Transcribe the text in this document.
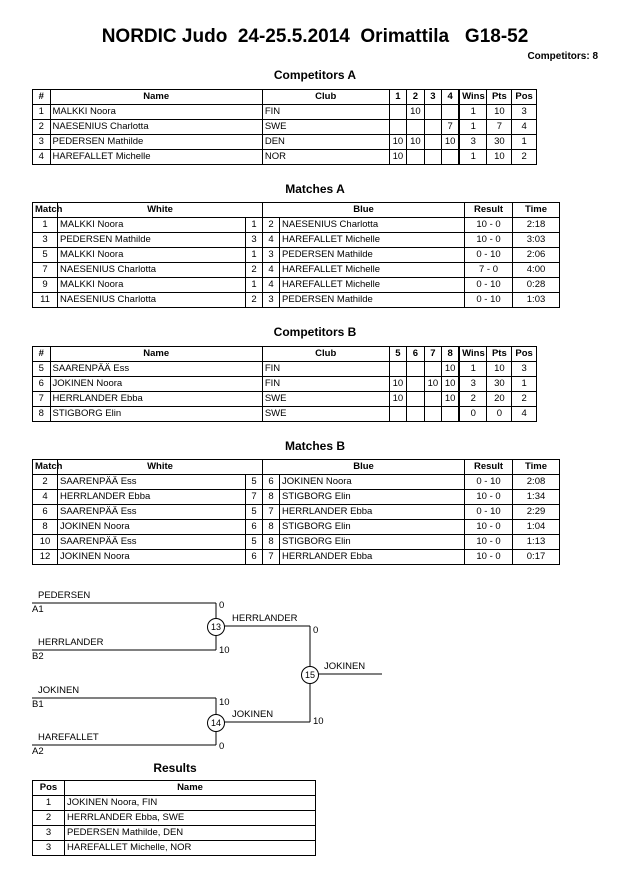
NORDIC Judo  24-25.5.2014  Orimattila   G18-52
Competitors: 8
Competitors A
#	Name	Club	1	2	3	4	Wins	Pts	Pos
1	MALKKI Noora	FIN		10			1	10	3
2	NAESENIUS Charlotta	SWE				7	1	7	4
3	PEDERSEN Mathilde	DEN	10	10		10	3	30	1
4	HAREFALLET Michelle	NOR	10				1	10	2
Matches A
Match	White		Blue		Result	Time
1	MALKKI Noora	1	2	NAESENIUS Charlotta	10 - 0	2:18
3	PEDERSEN Mathilde	3	4	HAREFALLET Michelle	10 - 0	3:03
5	MALKKI Noora	1	3	PEDERSEN Mathilde	0 - 10	2:06
7	NAESENIUS Charlotta	2	4	HAREFALLET Michelle	7 - 0	4:00
9	MALKKI Noora	1	4	HAREFALLET Michelle	0 - 10	0:28
11	NAESENIUS Charlotta	2	3	PEDERSEN Mathilde	0 - 10	1:03
Competitors B
#	Name	Club	5	6	7	8	Wins	Pts	Pos
5	SAARENPÄÄ Ess	FIN				10	1	10	3
6	JOKINEN Noora	FIN	10		10	10	3	30	1
7	HERRLANDER Ebba	SWE	10			10	2	20	2
8	STIGBORG Elin	SWE					0	0	4
Matches B
Match	White		Blue		Result	Time
2	SAARENPÄÄ Ess	5	6	JOKINEN Noora	0 - 10	2:08
4	HERRLANDER Ebba	7	8	STIGBORG Elin	10 - 0	1:34
6	SAARENPÄÄ Ess	5	7	HERRLANDER Ebba	0 - 10	2:29
8	JOKINEN Noora	6	8	STIGBORG Elin	10 - 0	1:04
10	SAARENPÄÄ Ess	5	8	STIGBORG Elin	10 - 0	1:13
12	JOKINEN Noora	6	7	HERRLANDER Ebba	10 - 0	0:17
PEDERSEN
A1	0
HERRLANDER
B2
10
13
HERRLANDER
0
JOKINEN
B1	10
HAREFALLET
A2	0
14
JOKINEN
10
15
JOKINEN
Results
Pos	Name
1	JOKINEN Noora, FIN
2	HERRLANDER Ebba, SWE
3	PEDERSEN Mathilde, DEN
3	HAREFALLET Michelle, NOR
